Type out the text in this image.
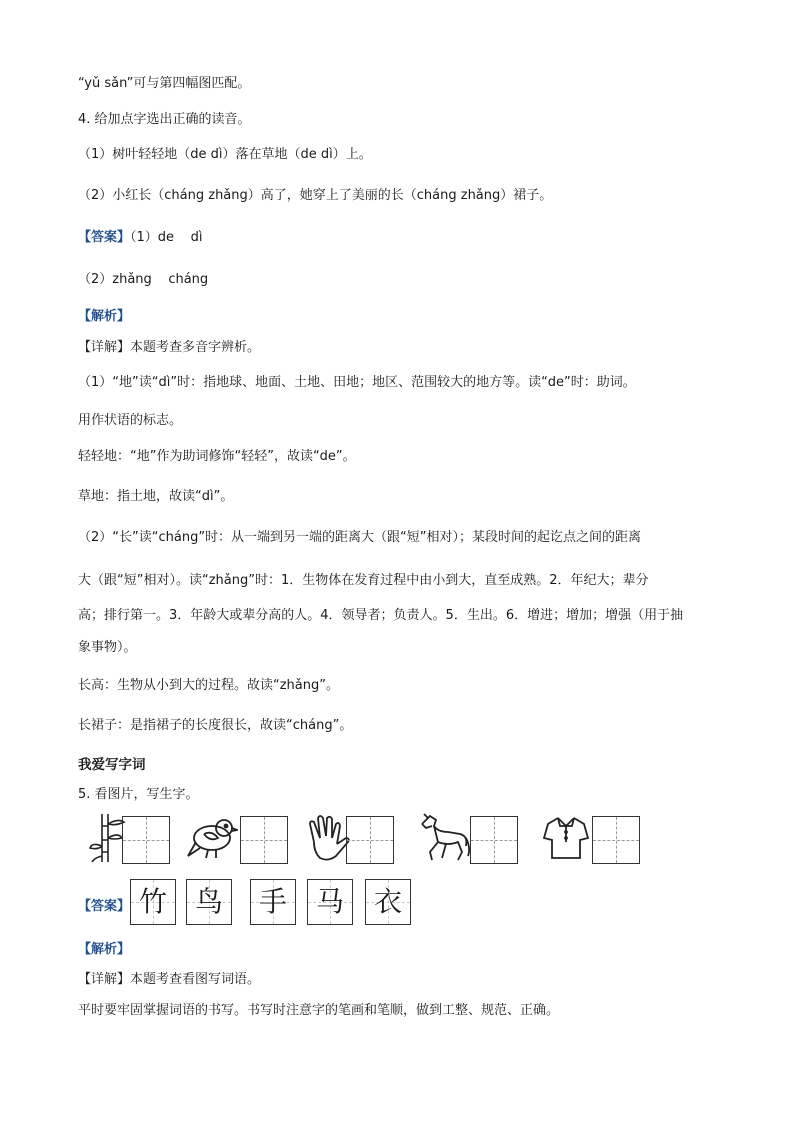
“yǔ sǎn”可与第四幅图匹配。
4. 给加点字选出正确的读音。
（1）树叶轻轻地（de dì）落在草地（de dì）上。
（2）小红长（cháng zhǎng）高了，她穿上了美丽的长（cháng zhǎng）裙子。
【答案】（1）de    dì
（2）zhǎng    cháng
【解析】
【详解】本题考查多音字辨析。
（1）“地”读“dì”时：指地球、地面、土地、田地；地区、范围较大的地方等。读“de”时：助词。
用作状语的标志。
轻轻地：“地”作为助词修饰“轻轻”，故读“de”。
草地：指土地，故读“dì”。
（2）“长”读“cháng”时：从一端到另一端的距离大（跟“短”相对）；某段时间的起讫点之间的距离
大（跟“短”相对）。读“zhǎng”时：1．生物体在发育过程中由小到大，直至成熟。2．年纪大；辈分
高；排行第一。3．年龄大或辈分高的人。4．领导者；负责人。5．生出。6．增进；增加；增强（用于抽
象事物）。
长高：生物从小到大的过程。故读“zhǎng”。
长裙子：是指裙子的长度很长，故读“cháng”。
我爱写字词
5. 看图片，写生字。
【答案】 竹 鸟 手 马 衣
【解析】
【详解】本题考查看图写词语。
平时要牢固掌握词语的书写。书写时注意字的笔画和笔顺，做到工整、规范、正确。
